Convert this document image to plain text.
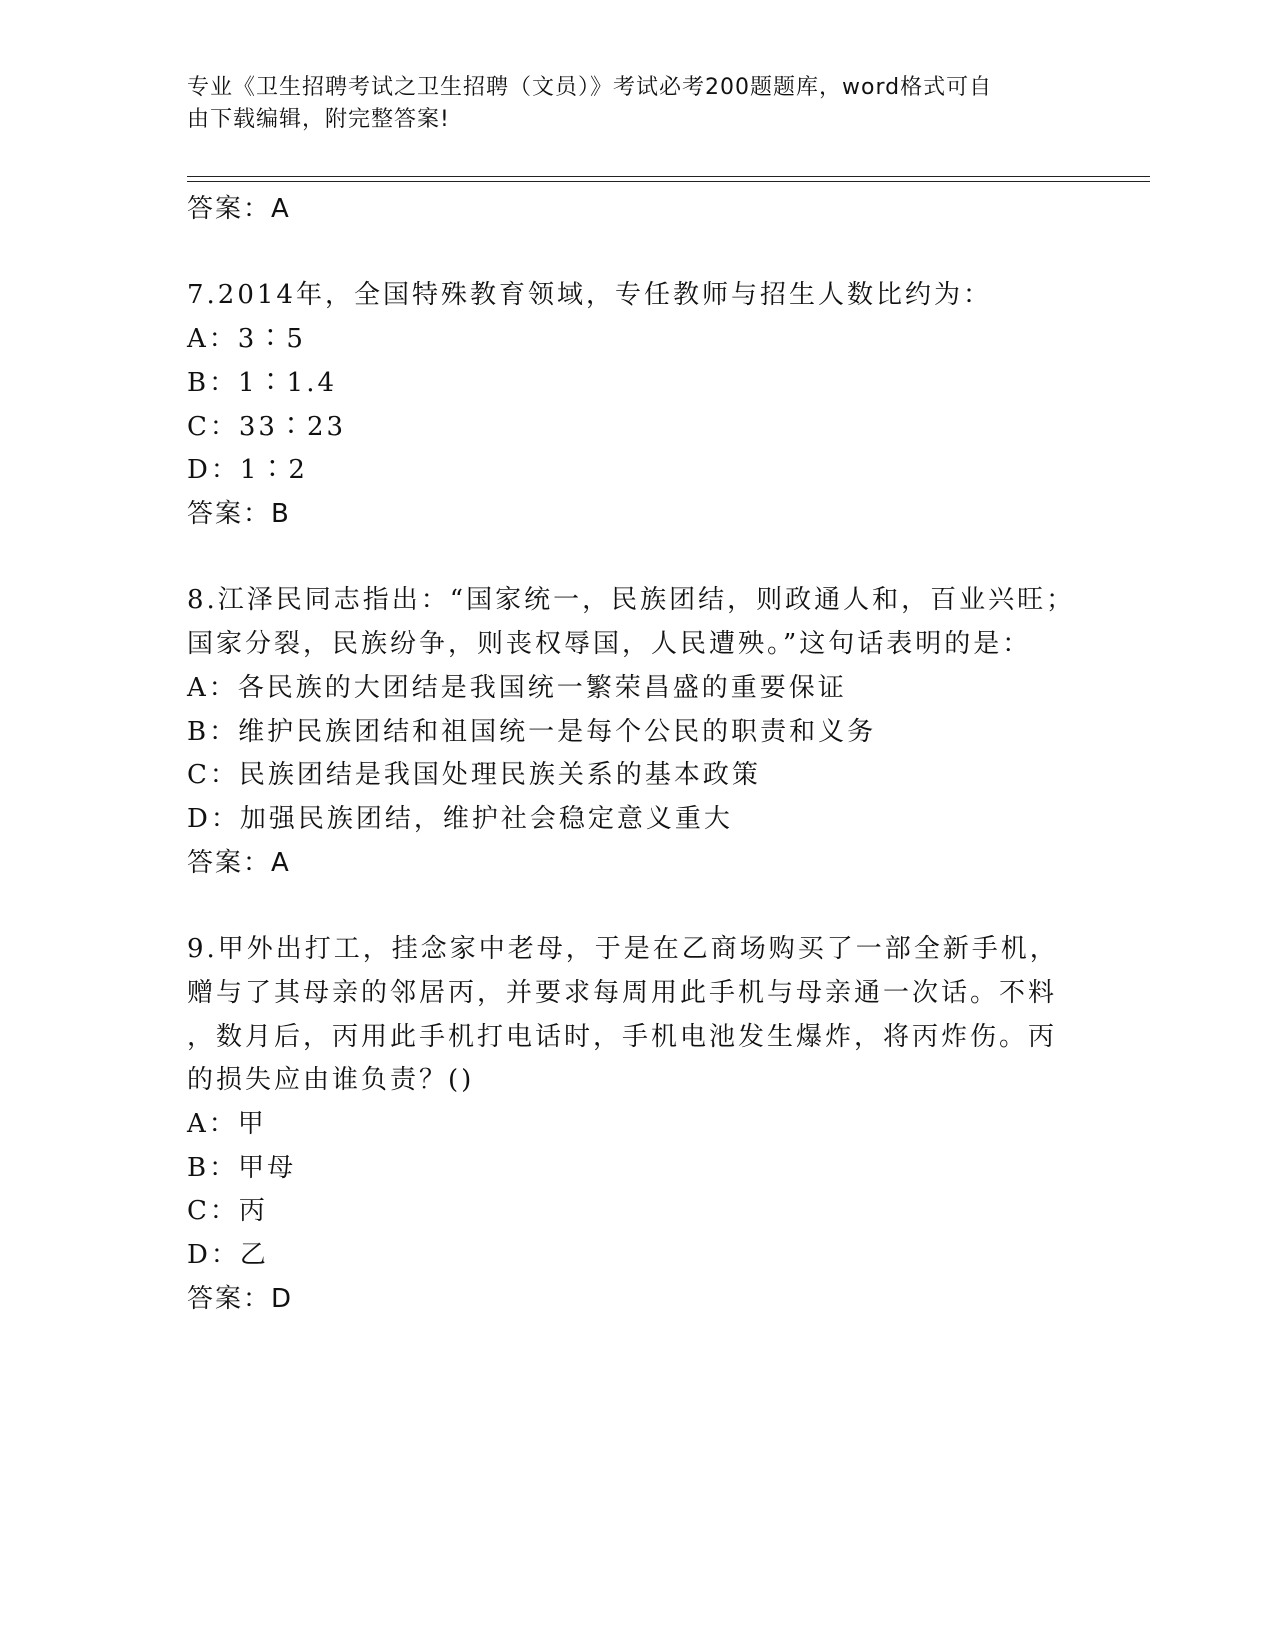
专业《卫生招聘考试之卫生招聘（文员）》考试必考200题题库，word格式可自
由下载编辑，附完整答案!
答案：A
7.2014年，全国特殊教育领域，专任教师与招生人数比约为：
A：3∶5
B：1∶1.4
C：33∶23
D：1∶2
答案：B
8.江泽民同志指出：“国家统一，民族团结，则政通人和，百业兴旺；
国家分裂，民族纷争，则丧权辱国，人民遭殃。”这句话表明的是：
A：各民族的大团结是我国统一繁荣昌盛的重要保证
B：维护民族团结和祖国统一是每个公民的职责和义务
C：民族团结是我国处理民族关系的基本政策
D：加强民族团结，维护社会稳定意义重大
答案：A
9.甲外出打工，挂念家中老母，于是在乙商场购买了一部全新手机，
赠与了其母亲的邻居丙，并要求每周用此手机与母亲通一次话。不料
，数月后，丙用此手机打电话时，手机电池发生爆炸，将丙炸伤。丙
的损失应由谁负责？()
A：甲
B：甲母
C：丙
D：乙
答案：D
